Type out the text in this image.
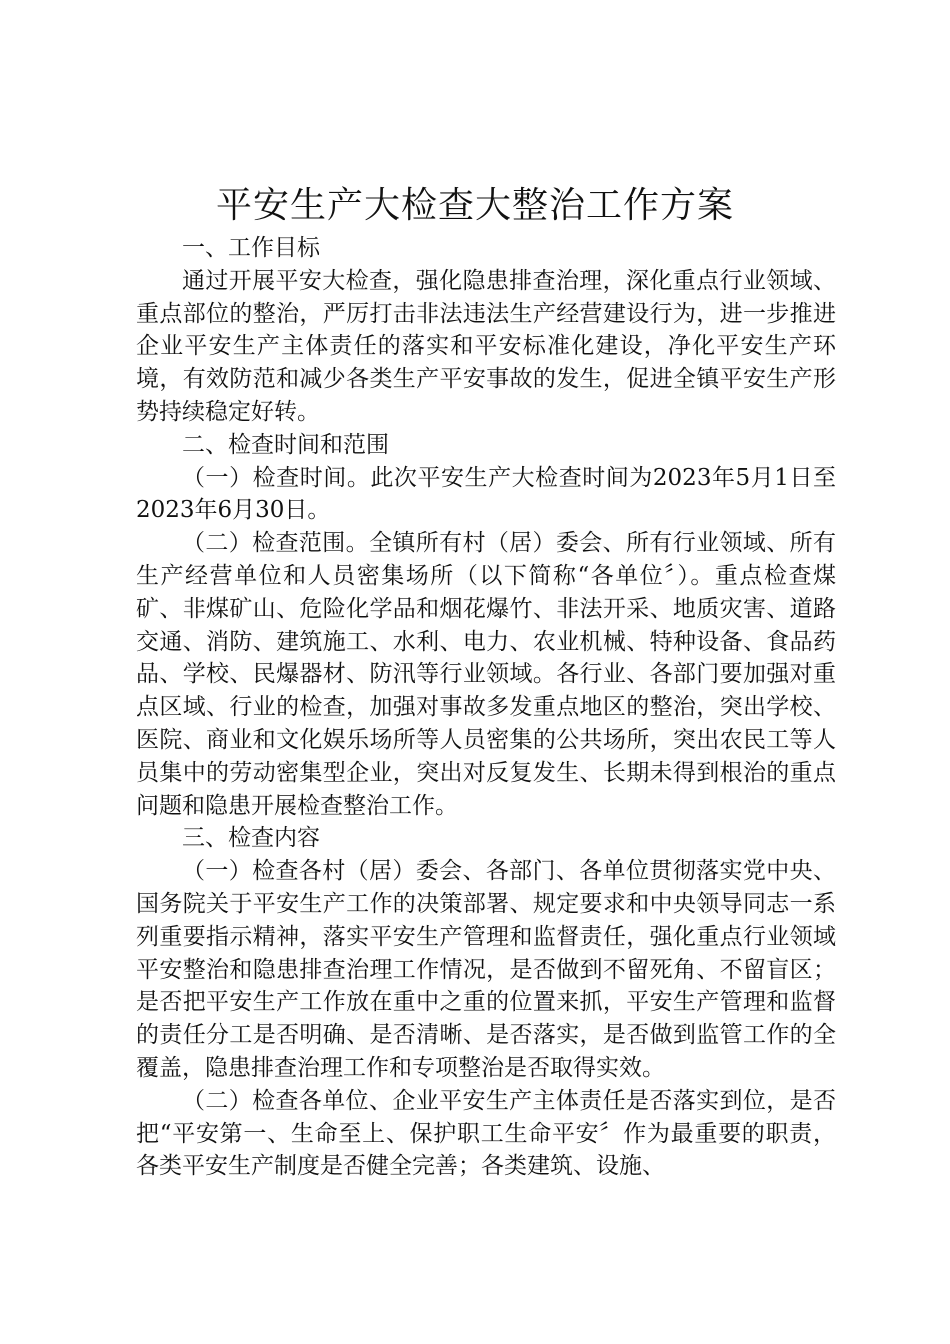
平安生产大检查大整治工作方案

一、工作目标

通过开展平安大检查，强化隐患排查治理，深化重点行业领域、重点部位的整治，严厉打击非法违法生产经营建设行为，进一步推进企业平安生产主体责任的落实和平安标准化建设，净化平安生产环境，有效防范和减少各类生产平安事故的发生，促进全镇平安生产形势持续稳定好转。

二、检查时间和范围

（一）检查时间。此次平安生产大检查时间为2023年5月1日至2023年6月30日。

（二）检查范围。全镇所有村（居）委会、所有行业领域、所有生产经营单位和人员密集场所（以下简称“各单位〞）。重点检查煤矿、非煤矿山、危险化学品和烟花爆竹、非法开采、地质灾害、道路交通、消防、建筑施工、水利、电力、农业机械、特种设备、食品药品、学校、民爆器材、防汛等行业领域。各行业、各部门要加强对重点区域、行业的检查，加强对事故多发重点地区的整治，突出学校、医院、商业和文化娱乐场所等人员密集的公共场所，突出农民工等人员集中的劳动密集型企业，突出对反复发生、长期未得到根治的重点问题和隐患开展检查整治工作。

三、检查内容

（一）检查各村（居）委会、各部门、各单位贯彻落实党中央、国务院关于平安生产工作的决策部署、规定要求和中央领导同志一系列重要指示精神，落实平安生产管理和监督责任，强化重点行业领域平安整治和隐患排查治理工作情况，是否做到不留死角、不留盲区；是否把平安生产工作放在重中之重的位置来抓，平安生产管理和监督的责任分工是否明确、是否清晰、是否落实，是否做到监管工作的全覆盖，隐患排查治理工作和专项整治是否取得实效。

（二）检查各单位、企业平安生产主体责任是否落实到位，是否把“平安第一、生命至上、保护职工生命平安〞作为最重要的职责，各类平安生产制度是否健全完善；各类建筑、设施、
